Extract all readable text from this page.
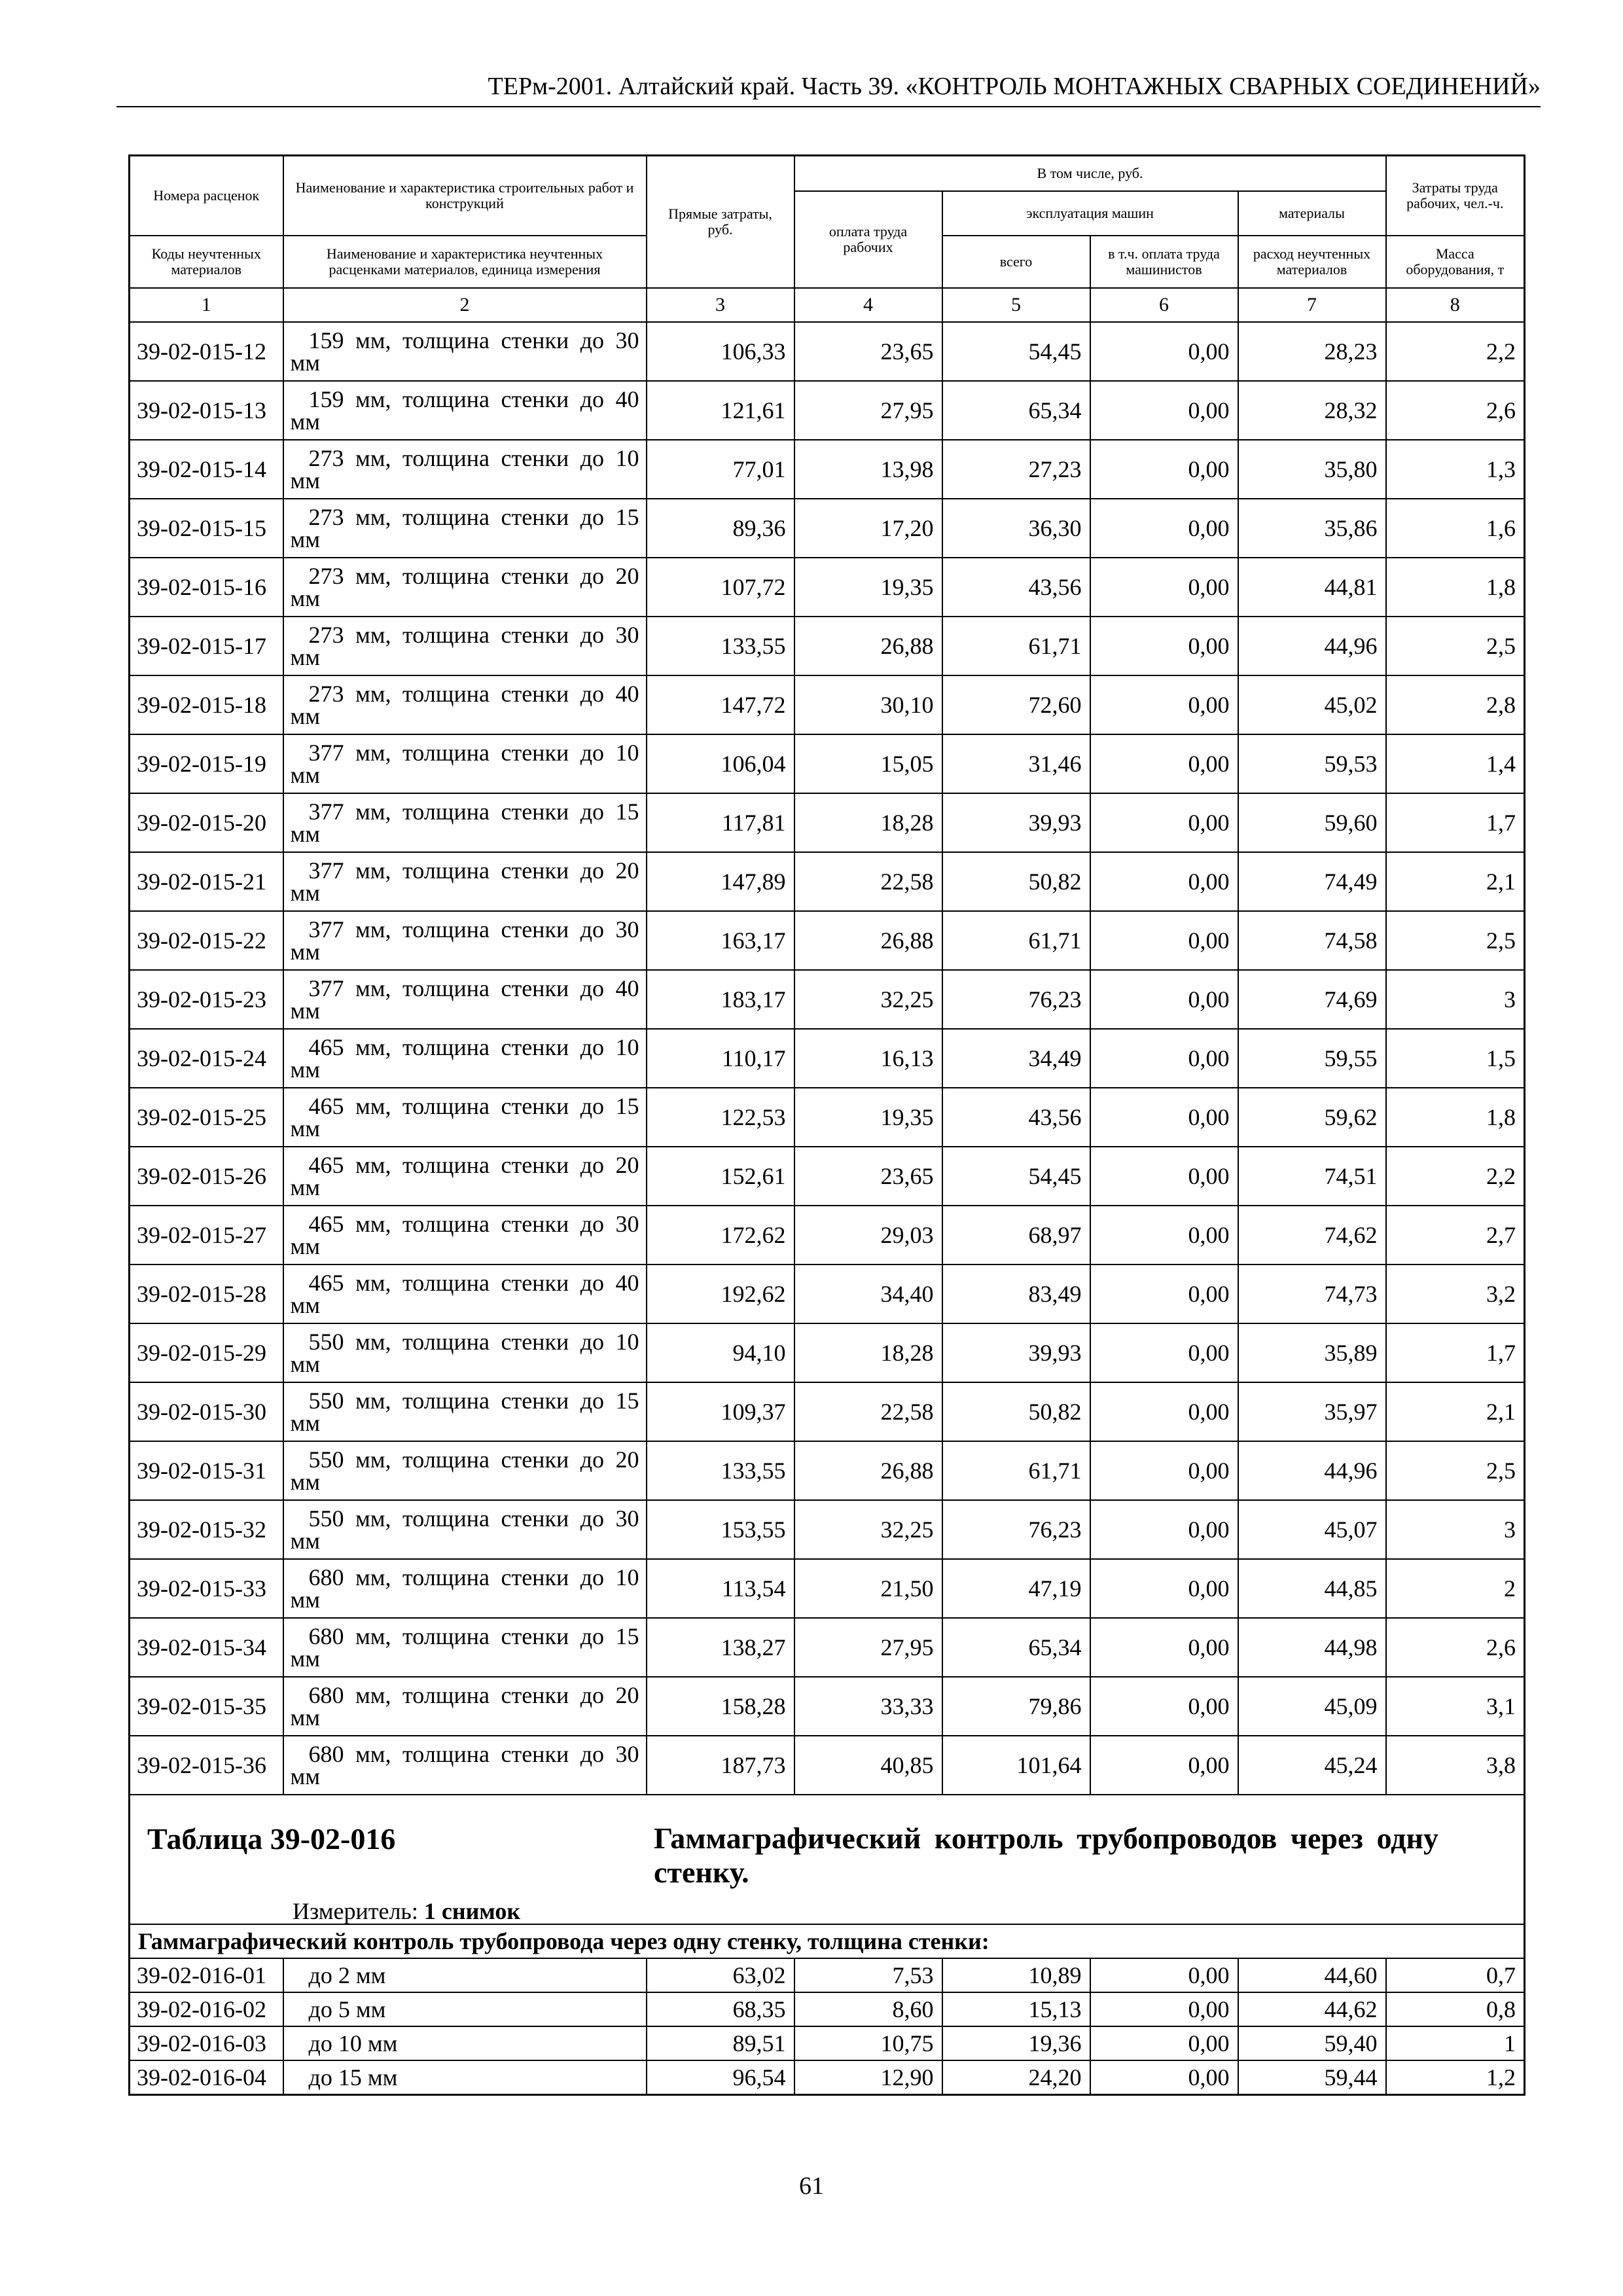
ТЕРм-2001. Алтайский край. Часть 39. «КОНТРОЛЬ МОНТАЖНЫХ СВАРНЫХ СОЕДИНЕНИЙ»
Номера расценок	Наименование и характеристика строительных работ и конструкций	Прямые затраты, руб.	В том числе, руб.				Затраты труда рабочих, чел.-ч.
			оплата труда рабочих	эксплуатация машин		материалы	
Коды неучтенных материалов	Наименование и характеристика неучтенных расценками материалов, единица измерения			всего	в т.ч. оплата труда машинистов	расход неучтенных материалов	Масса оборудования, т
1	2	3	4	5	6	7	8
39-02-015-12	159 мм, толщина стенки до 30 мм	106,33	23,65	54,45	0,00	28,23	2,2
39-02-015-13	159 мм, толщина стенки до 40 мм	121,61	27,95	65,34	0,00	28,32	2,6
39-02-015-14	273 мм, толщина стенки до 10 мм	77,01	13,98	27,23	0,00	35,80	1,3
39-02-015-15	273 мм, толщина стенки до 15 мм	89,36	17,20	36,30	0,00	35,86	1,6
39-02-015-16	273 мм, толщина стенки до 20 мм	107,72	19,35	43,56	0,00	44,81	1,8
39-02-015-17	273 мм, толщина стенки до 30 мм	133,55	26,88	61,71	0,00	44,96	2,5
39-02-015-18	273 мм, толщина стенки до 40 мм	147,72	30,10	72,60	0,00	45,02	2,8
39-02-015-19	377 мм, толщина стенки до 10 мм	106,04	15,05	31,46	0,00	59,53	1,4
39-02-015-20	377 мм, толщина стенки до 15 мм	117,81	18,28	39,93	0,00	59,60	1,7
39-02-015-21	377 мм, толщина стенки до 20 мм	147,89	22,58	50,82	0,00	74,49	2,1
39-02-015-22	377 мм, толщина стенки до 30 мм	163,17	26,88	61,71	0,00	74,58	2,5
39-02-015-23	377 мм, толщина стенки до 40 мм	183,17	32,25	76,23	0,00	74,69	3
39-02-015-24	465 мм, толщина стенки до 10 мм	110,17	16,13	34,49	0,00	59,55	1,5
39-02-015-25	465 мм, толщина стенки до 15 мм	122,53	19,35	43,56	0,00	59,62	1,8
39-02-015-26	465 мм, толщина стенки до 20 мм	152,61	23,65	54,45	0,00	74,51	2,2
39-02-015-27	465 мм, толщина стенки до 30 мм	172,62	29,03	68,97	0,00	74,62	2,7
39-02-015-28	465 мм, толщина стенки до 40 мм	192,62	34,40	83,49	0,00	74,73	3,2
39-02-015-29	550 мм, толщина стенки до 10 мм	94,10	18,28	39,93	0,00	35,89	1,7
39-02-015-30	550 мм, толщина стенки до 15 мм	109,37	22,58	50,82	0,00	35,97	2,1
39-02-015-31	550 мм, толщина стенки до 20 мм	133,55	26,88	61,71	0,00	44,96	2,5
39-02-015-32	550 мм, толщина стенки до 30 мм	153,55	32,25	76,23	0,00	45,07	3
39-02-015-33	680 мм, толщина стенки до 10 мм	113,54	21,50	47,19	0,00	44,85	2
39-02-015-34	680 мм, толщина стенки до 15 мм	138,27	27,95	65,34	0,00	44,98	2,6
39-02-015-35	680 мм, толщина стенки до 20 мм	158,28	33,33	79,86	0,00	45,09	3,1
39-02-015-36	680 мм, толщина стенки до 30 мм	187,73	40,85	101,64	0,00	45,24	3,8

Таблица 39-02-016 Гаммаграфический контроль трубопроводов через одну стенку.
Измеритель: 1 снимок							

Гаммаграфический контроль трубопровода через одну стенку, толщина стенки:							
39-02-016-01	до 2 мм	63,02	7,53	10,89	0,00	44,60	0,7
39-02-016-02	до 5 мм	68,35	8,60	15,13	0,00	44,62	0,8
39-02-016-03	до 10 мм	89,51	10,75	19,36	0,00	59,40	1
39-02-016-04	до 15 мм	96,54	12,90	24,20	0,00	59,44	1,2
61
